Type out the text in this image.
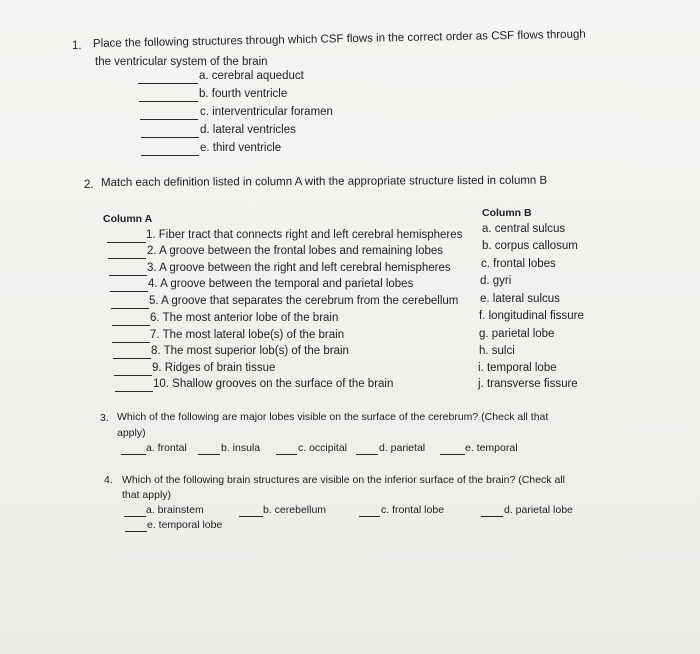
1. Place the following structures through which CSF flows in the correct order as CSF flows through
the ventricular system of the brain
a. cerebral aqueduct
b. fourth ventricle
c. interventricular foramen
d. lateral ventricles
e. third ventricle
2. Match each definition listed in column A with the appropriate structure listed in column B
Column A	Column B
1. Fiber tract that connects right and left cerebral hemispheres
2. A groove between the frontal lobes and remaining lobes
3. A groove between the right and left cerebral hemispheres
4. A groove between the temporal and parietal lobes
5. A groove that separates the cerebrum from the cerebellum
6. The most anterior lobe of the brain
7. The most lateral lobe(s) of the brain
8. The most superior lob(s) of the brain
9. Ridges of brain tissue
10. Shallow grooves on the surface of the brain
a. central sulcus
b. corpus callosum
c. frontal lobes
d. gyri
e. lateral sulcus
f. longitudinal fissure
g. parietal lobe
h. sulci
i. temporal lobe
j. transverse fissure
3. Which of the following are major lobes visible on the surface of the cerebrum? (Check all that
apply)
a. frontal	b. insula	c. occipital	d. parietal	e. temporal
4. Which of the following brain structures are visible on the inferior surface of the brain? (Check all
that apply)
a. brainstem	b. cerebellum	c. frontal lobe	d. parietal lobe
e. temporal lobe
